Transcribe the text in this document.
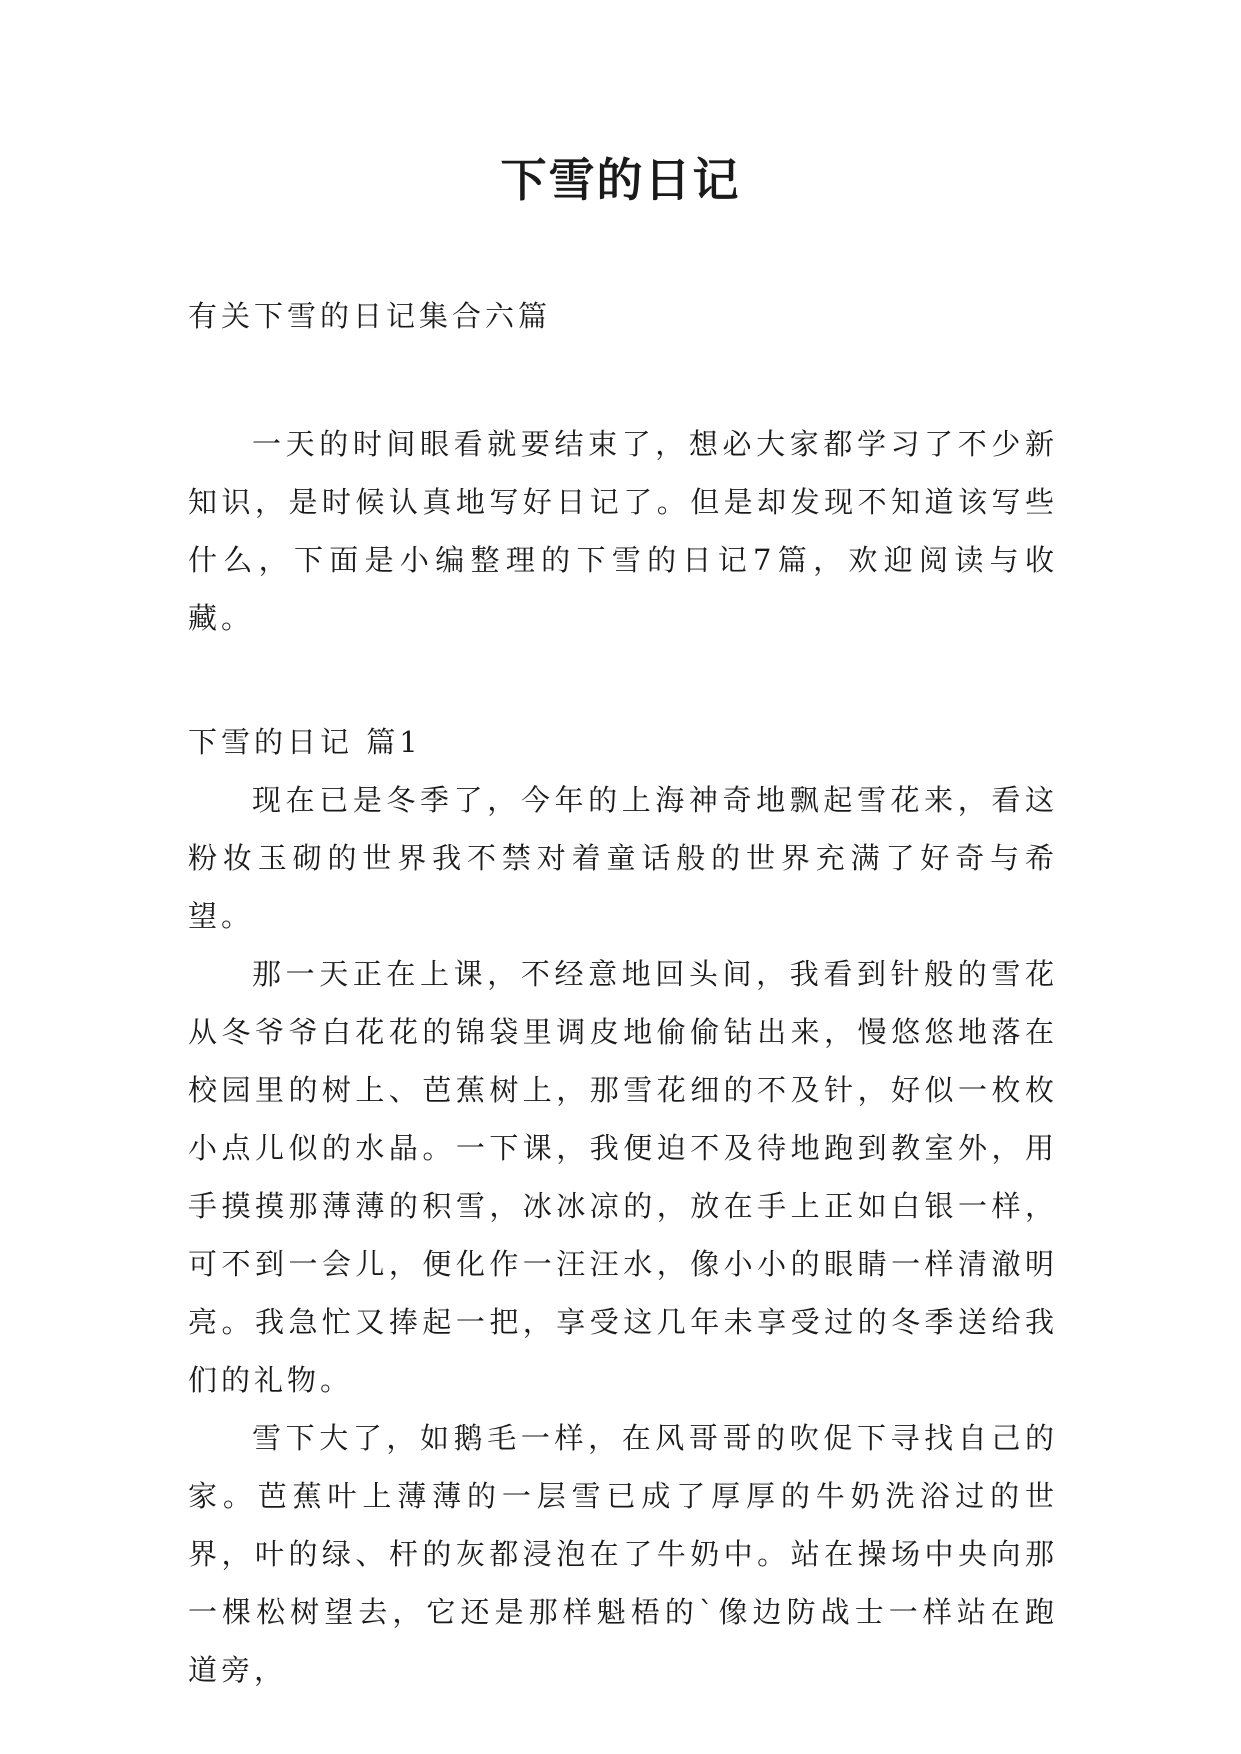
下雪的日记

有关下雪的日记集合六篇

一天的时间眼看就要结束了，想必大家都学习了不少新知识，是时候认真地写好日记了。但是却发现不知道该写些什么，下面是小编整理的下雪的日记7篇，欢迎阅读与收藏。

下雪的日记 篇1

现在已是冬季了，今年的上海神奇地飘起雪花来，看这粉妆玉砌的世界我不禁对着童话般的世界充满了好奇与希望。

那一天正在上课，不经意地回头间，我看到针般的雪花从冬爷爷白花花的锦袋里调皮地偷偷钻出来，慢悠悠地落在校园里的树上、芭蕉树上，那雪花细的不及针，好似一枚枚小点儿似的水晶。一下课，我便迫不及待地跑到教室外，用手摸摸那薄薄的积雪，冰冰凉的，放在手上正如白银一样，可不到一会儿，便化作一汪汪水，像小小的眼睛一样清澈明亮。我急忙又捧起一把，享受这几年未享受过的冬季送给我们的礼物。

雪下大了，如鹅毛一样，在风哥哥的吹促下寻找自己的家。芭蕉叶上薄薄的一层雪已成了厚厚的牛奶洗浴过的世界，叶的绿、杆的灰都浸泡在了牛奶中。站在操场中央向那一棵松树望去，它还是那样魁梧的`像边防战士一样站在跑道旁，
